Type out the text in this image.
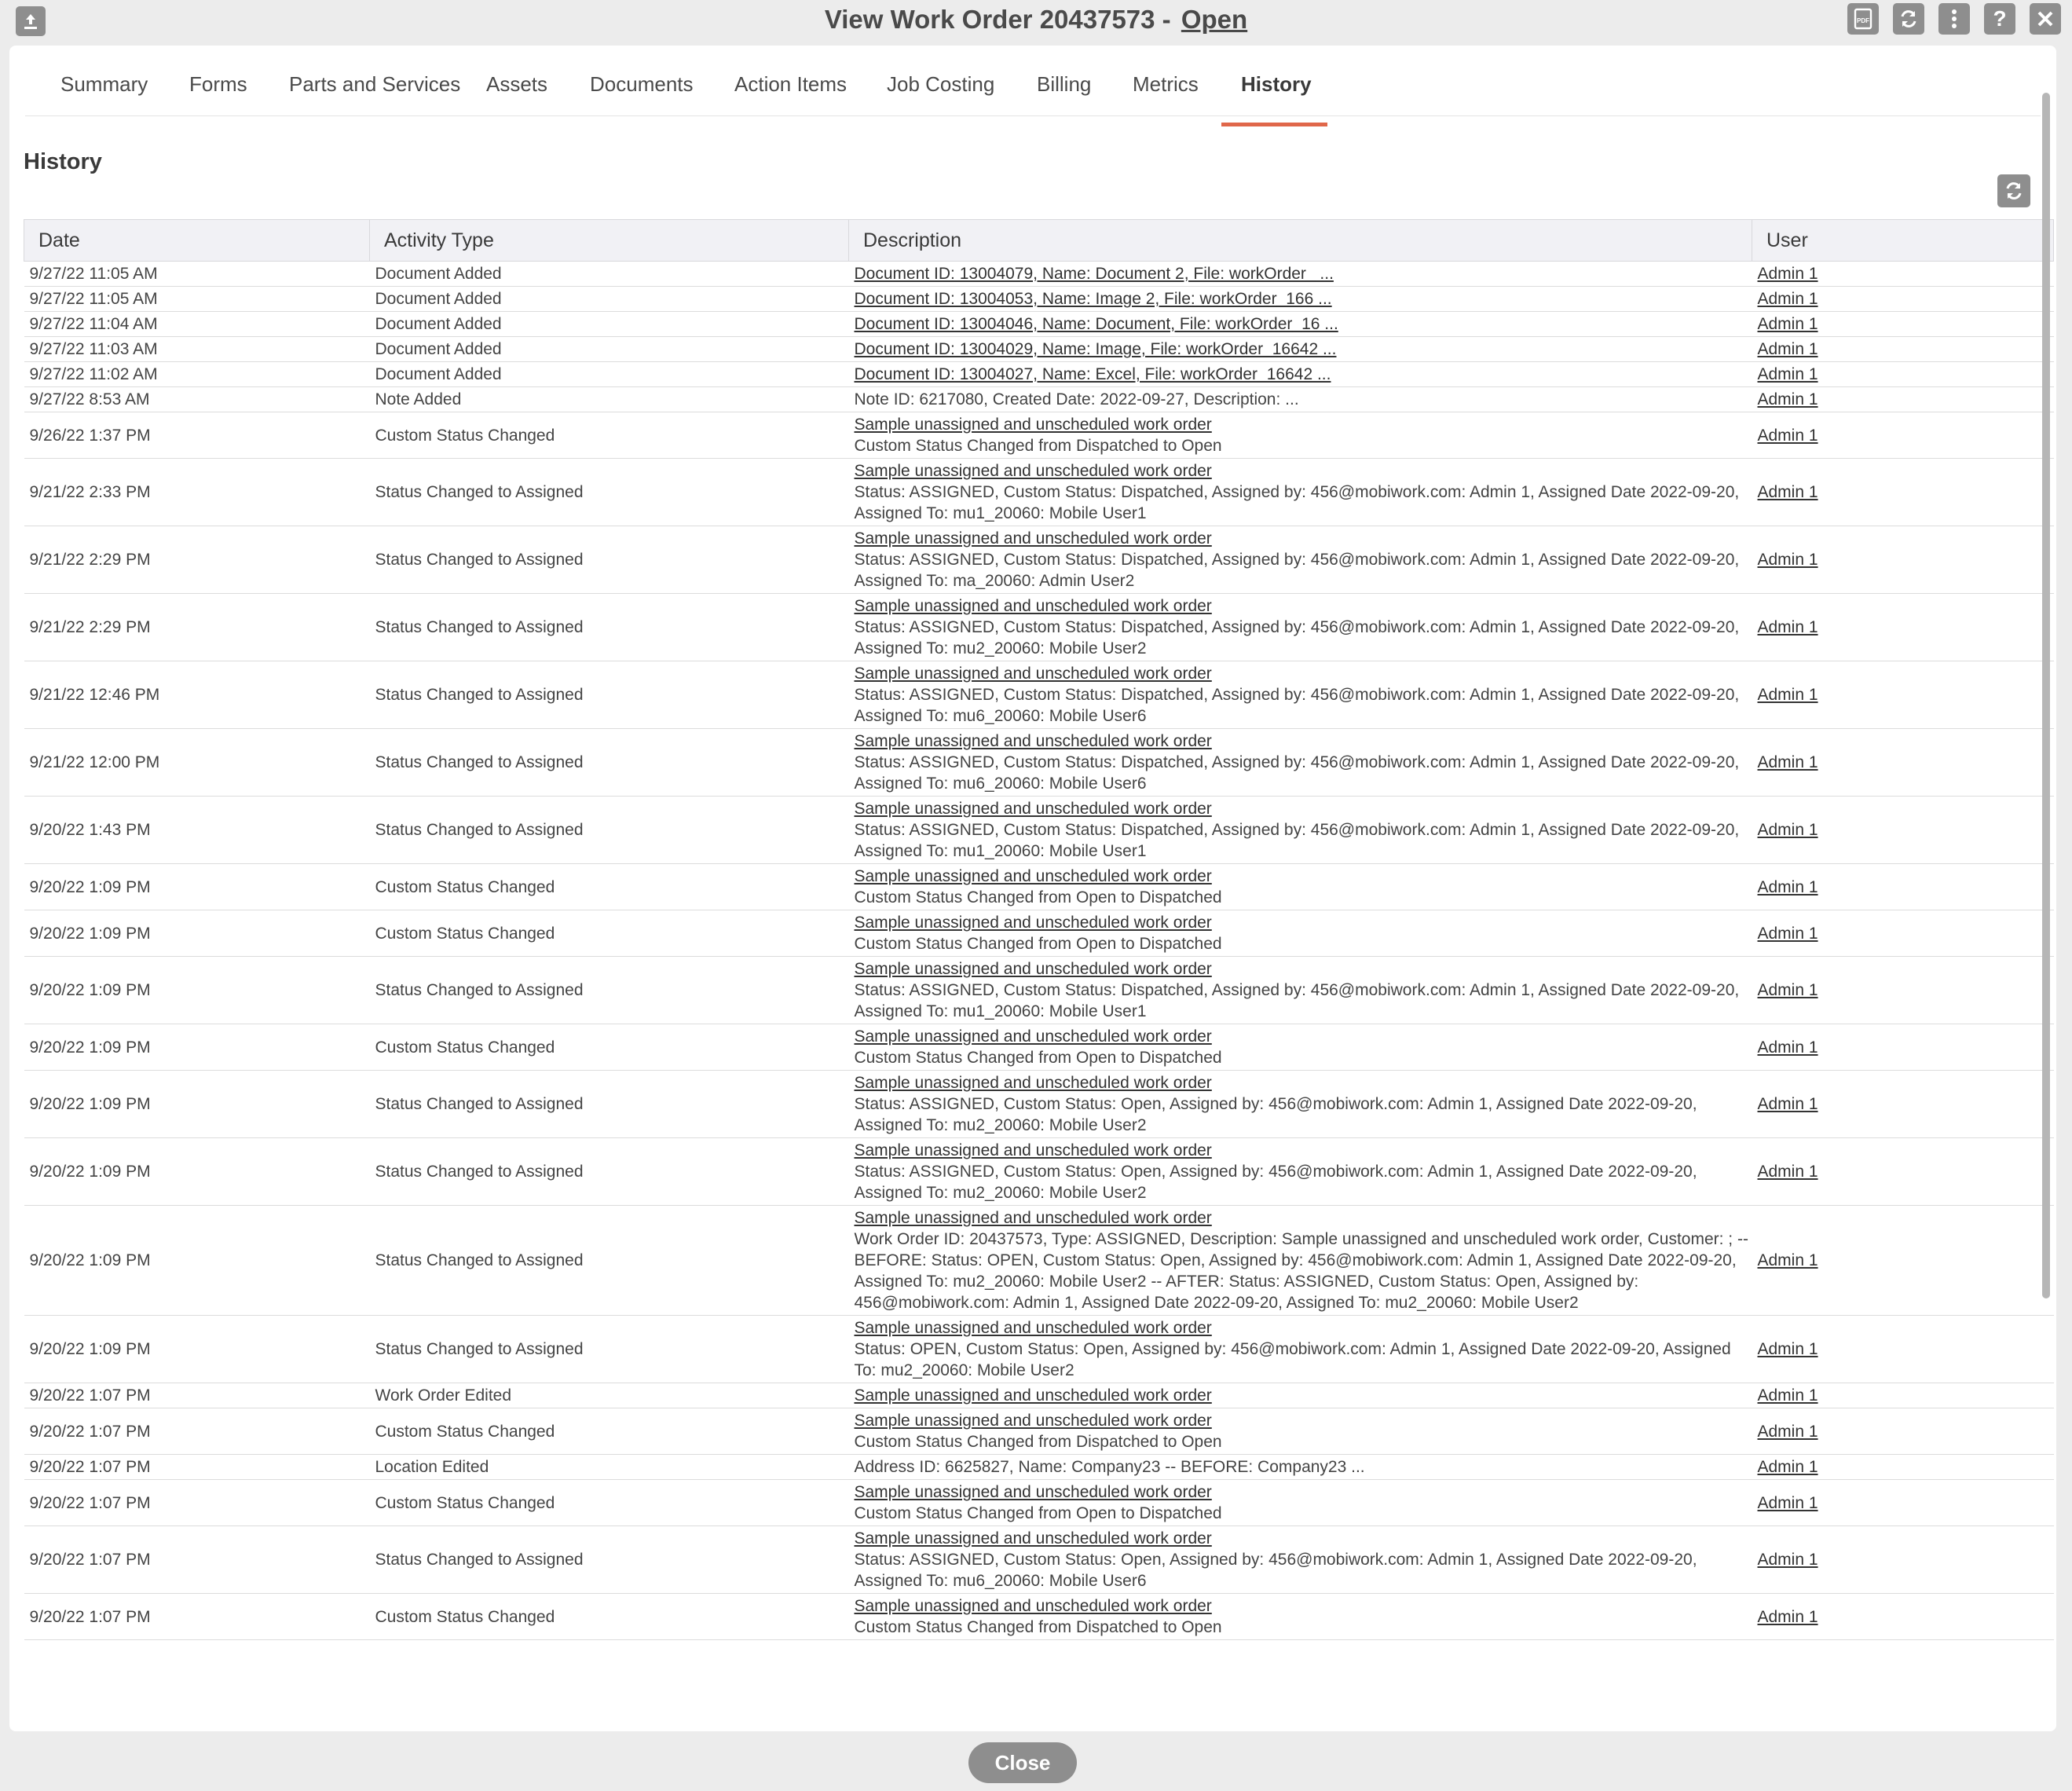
View Work Order 20437573 - Open	PDF	?
Summary Forms Parts and Services Assets Documents Action Items Job Costing Billing Metrics History
History
Date	Activity Type	Description	User
9/27/22 11:05 AM	Document Added	Document ID: 13004079, Name: Document 2, File: workOrder_ ...	Admin 1
9/27/22 11:05 AM	Document Added	Document ID: 13004053, Name: Image 2, File: workOrder_166 ...	Admin 1
9/27/22 11:04 AM	Document Added	Document ID: 13004046, Name: Document, File: workOrder_16 ...	Admin 1
9/27/22 11:03 AM	Document Added	Document ID: 13004029, Name: Image, File: workOrder_16642 ...	Admin 1
9/27/22 11:02 AM	Document Added	Document ID: 13004027, Name: Excel, File: workOrder_16642 ...	Admin 1
9/27/22 8:53 AM	Note Added	Note ID: 6217080, Created Date: 2022-09-27, Description: ...	Admin 1
9/26/22 1:37 PM	Custom Status Changed	Sample unassigned and unscheduled work order
Custom Status Changed from Dispatched to Open	Admin 1
9/21/22 2:33 PM	Status Changed to Assigned	Sample unassigned and unscheduled work order
Status: ASSIGNED, Custom Status: Dispatched, Assigned by: 456@mobiwork.com: Admin 1, Assigned Date 2022-09-20,
Assigned To: mu1_20060: Mobile User1	Admin 1
9/21/22 2:29 PM	Status Changed to Assigned	Sample unassigned and unscheduled work order
Status: ASSIGNED, Custom Status: Dispatched, Assigned by: 456@mobiwork.com: Admin 1, Assigned Date 2022-09-20,
Assigned To: ma_20060: Admin User2	Admin 1
9/21/22 2:29 PM	Status Changed to Assigned	Sample unassigned and unscheduled work order
Status: ASSIGNED, Custom Status: Dispatched, Assigned by: 456@mobiwork.com: Admin 1, Assigned Date 2022-09-20,
Assigned To: mu2_20060: Mobile User2	Admin 1
9/21/22 12:46 PM	Status Changed to Assigned	Sample unassigned and unscheduled work order
Status: ASSIGNED, Custom Status: Dispatched, Assigned by: 456@mobiwork.com: Admin 1, Assigned Date 2022-09-20,
Assigned To: mu6_20060: Mobile User6	Admin 1
9/21/22 12:00 PM	Status Changed to Assigned	Sample unassigned and unscheduled work order
Status: ASSIGNED, Custom Status: Dispatched, Assigned by: 456@mobiwork.com: Admin 1, Assigned Date 2022-09-20,
Assigned To: mu6_20060: Mobile User6	Admin 1
9/20/22 1:43 PM	Status Changed to Assigned	Sample unassigned and unscheduled work order
Status: ASSIGNED, Custom Status: Dispatched, Assigned by: 456@mobiwork.com: Admin 1, Assigned Date 2022-09-20,
Assigned To: mu1_20060: Mobile User1	Admin 1
9/20/22 1:09 PM	Custom Status Changed	Sample unassigned and unscheduled work order
Custom Status Changed from Open to Dispatched	Admin 1
9/20/22 1:09 PM	Custom Status Changed	Sample unassigned and unscheduled work order
Custom Status Changed from Open to Dispatched	Admin 1
9/20/22 1:09 PM	Status Changed to Assigned	Sample unassigned and unscheduled work order
Status: ASSIGNED, Custom Status: Dispatched, Assigned by: 456@mobiwork.com: Admin 1, Assigned Date 2022-09-20,
Assigned To: mu1_20060: Mobile User1	Admin 1
9/20/22 1:09 PM	Custom Status Changed	Sample unassigned and unscheduled work order
Custom Status Changed from Open to Dispatched	Admin 1
9/20/22 1:09 PM	Status Changed to Assigned	Sample unassigned and unscheduled work order
Status: ASSIGNED, Custom Status: Open, Assigned by: 456@mobiwork.com: Admin 1, Assigned Date 2022-09-20,
Assigned To: mu2_20060: Mobile User2	Admin 1
9/20/22 1:09 PM	Status Changed to Assigned	Sample unassigned and unscheduled work order
Status: ASSIGNED, Custom Status: Open, Assigned by: 456@mobiwork.com: Admin 1, Assigned Date 2022-09-20,
Assigned To: mu2_20060: Mobile User2	Admin 1
9/20/22 1:09 PM	Status Changed to Assigned	Sample unassigned and unscheduled work order
Work Order ID: 20437573, Type: ASSIGNED, Description: Sample unassigned and unscheduled work order, Customer: ; --
BEFORE: Status: OPEN, Custom Status: Open, Assigned by: 456@mobiwork.com: Admin 1, Assigned Date 2022-09-20,
Assigned To: mu2_20060: Mobile User2 -- AFTER: Status: ASSIGNED, Custom Status: Open, Assigned by:
456@mobiwork.com: Admin 1, Assigned Date 2022-09-20, Assigned To: mu2_20060: Mobile User2	Admin 1
9/20/22 1:09 PM	Status Changed to Assigned	Sample unassigned and unscheduled work order
Status: OPEN, Custom Status: Open, Assigned by: 456@mobiwork.com: Admin 1, Assigned Date 2022-09-20, Assigned
To: mu2_20060: Mobile User2	Admin 1
9/20/22 1:07 PM	Work Order Edited	Sample unassigned and unscheduled work order	Admin 1
9/20/22 1:07 PM	Custom Status Changed	Sample unassigned and unscheduled work order
Custom Status Changed from Dispatched to Open	Admin 1
9/20/22 1:07 PM	Location Edited	Address ID: 6625827, Name: Company23 -- BEFORE: Company23 ...	Admin 1
9/20/22 1:07 PM	Custom Status Changed	Sample unassigned and unscheduled work order
Custom Status Changed from Open to Dispatched	Admin 1
9/20/22 1:07 PM	Status Changed to Assigned	Sample unassigned and unscheduled work order
Status: ASSIGNED, Custom Status: Open, Assigned by: 456@mobiwork.com: Admin 1, Assigned Date 2022-09-20,
Assigned To: mu6_20060: Mobile User6	Admin 1
9/20/22 1:07 PM	Custom Status Changed	Sample unassigned and unscheduled work order
Custom Status Changed from Dispatched to Open	Admin 1
Close
